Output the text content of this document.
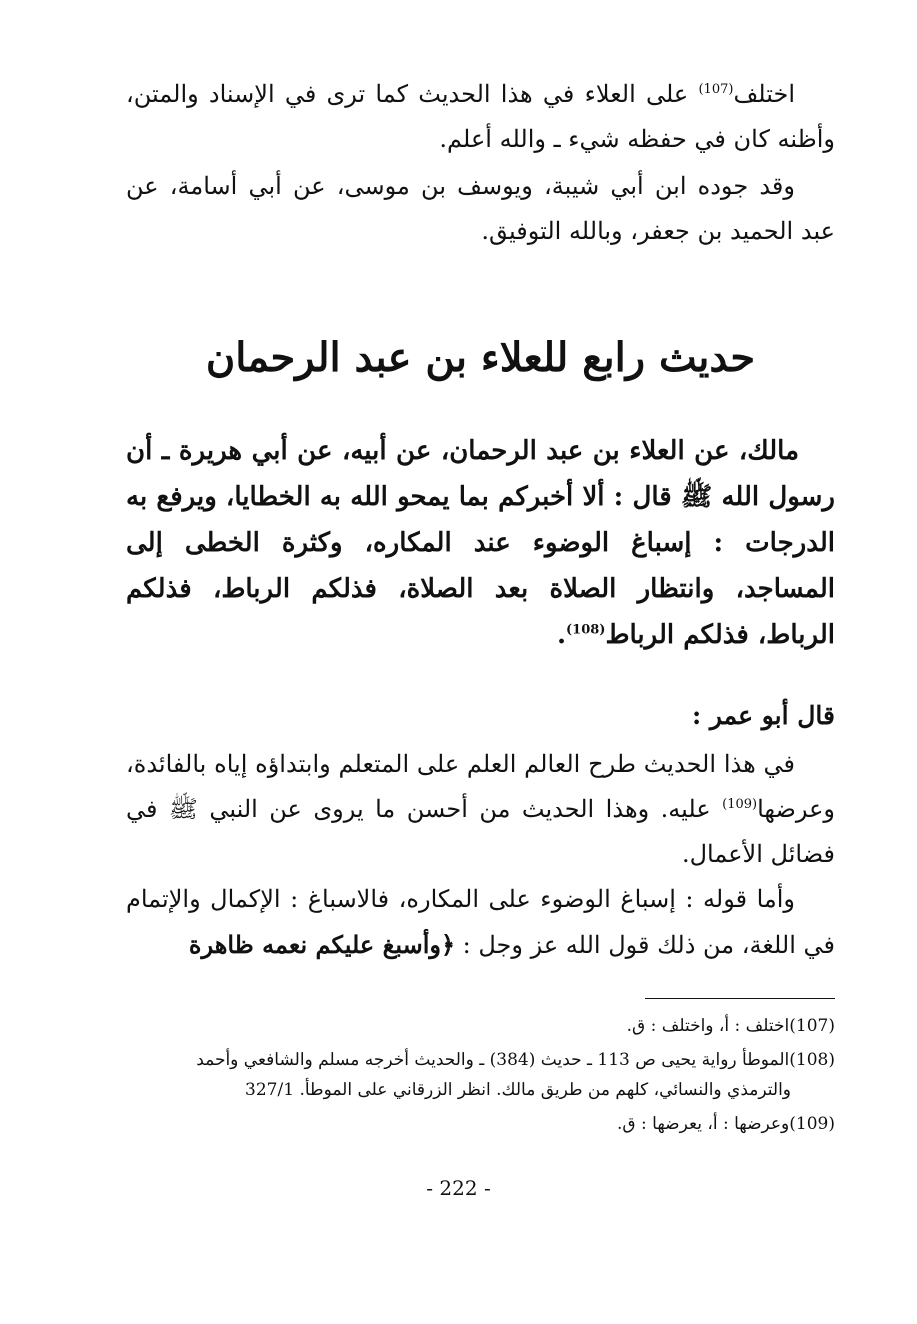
اختلف$^{(107)}$ على العلاء في هذا الحديث كما ترى في الإسناد والمتن، وأظنه كان في حفظه شيء ـ والله أعلم.

وقد جوده ابن أبي شيبة، ويوسف بن موسى، عن أبي أسامة، عن عبد الحميد بن جعفر، وبالله التوفيق.

حديث رابع للعلاء بن عبد الرحمان

مالك، عن العلاء بن عبد الرحمان، عن أبيه، عن أبي هريرة ـ أن رسول الله ﷺ قال : ألا أخبركم بما يمحو الله به الخطايا، ويرفع به الدرجات : إسباغ الوضوء عند المكاره، وكثرة الخطى إلى المساجد، وانتظار الصلاة بعد الصلاة، فذلكم الرباط، فذلكم الرباط، فذلكم الرباط$^{(108)}$.

قال أبو عمر :

في هذا الحديث طرح العالم العلم على المتعلم وابتداؤه إياه بالفائدة، وعرضها$^{(109)}$ عليه. وهذا الحديث من أحسن ما يروى عن النبي ﷺ في فضائل الأعمال.

وأما قوله : إسباغ الوضوء على المكاره، فالاسباغ : الإكمال والإتمام في اللغة، من ذلك قول الله عز وجل : ﴿وأسبغ عليكم نعمه ظاهرة

(107)اختلف : أ، واختلف : ق.

(108)الموطأ رواية يحيى ص 113 ـ حديث (384) ـ والحديث أخرجه مسلم والشافعي وأحمد
والترمذي والنسائي، كلهم من طريق مالك. انظر الزرقاني على الموطأ. 327/1

(109)وعرضها : أ، يعرضها : ق.

- 222 -
